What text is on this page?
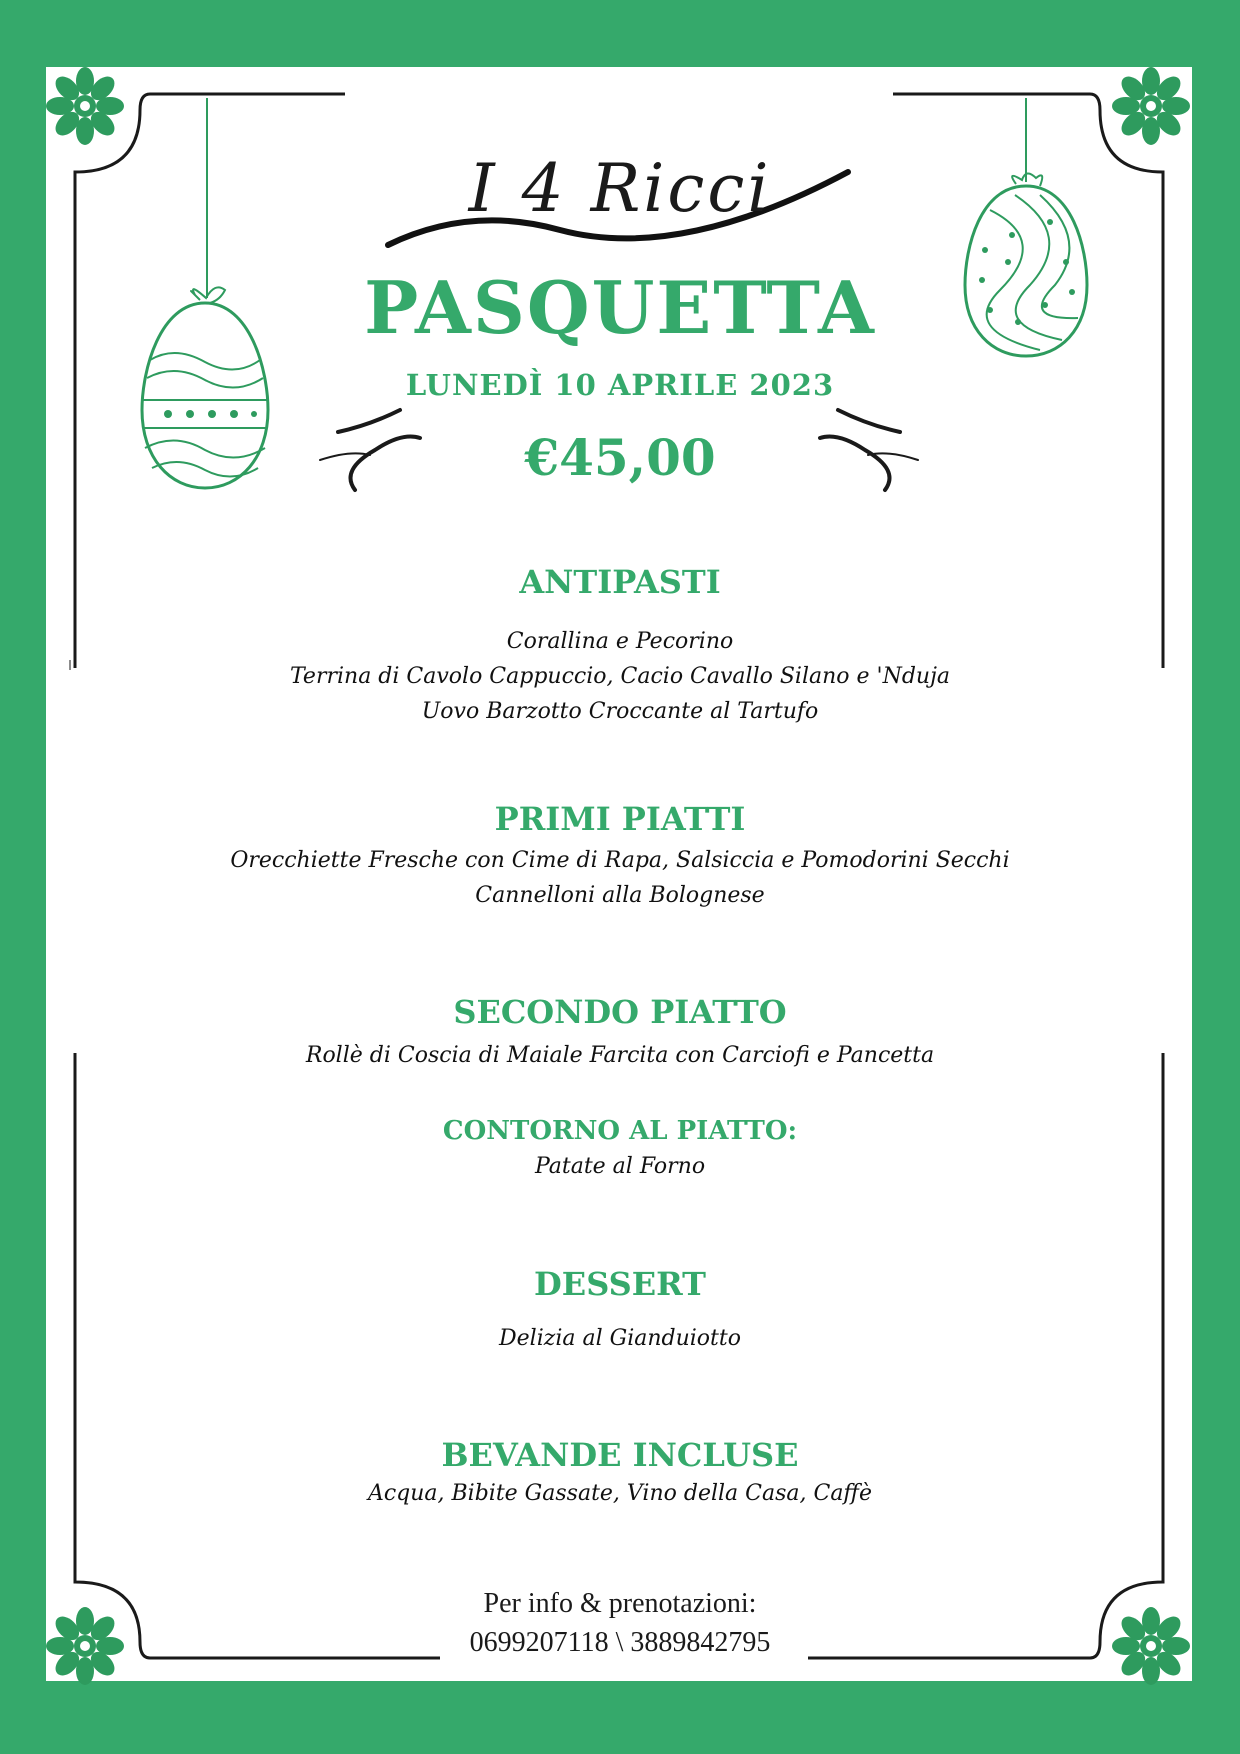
I 4 Ricci
PASQUETTA
LUNEDÌ 10 APRILE 2023
€45,00
ANTIPASTI
Corallina e Pecorino
Terrina di Cavolo Cappuccio, Cacio Cavallo Silano e 'Nduja
Uovo Barzotto Croccante al Tartufo
PRIMI PIATTI
Orecchiette Fresche con Cime di Rapa, Salsiccia e Pomodorini Secchi
Cannelloni alla Bolognese
SECONDO PIATTO
Rollè di Coscia di Maiale Farcita con Carciofi e Pancetta
CONTORNO AL PIATTO:
Patate al Forno
DESSERT
Delizia al Gianduiotto
BEVANDE INCLUSE
Acqua, Bibite Gassate, Vino della Casa, Caffè
Per info & prenotazioni:
0699207118 \ 3889842795
